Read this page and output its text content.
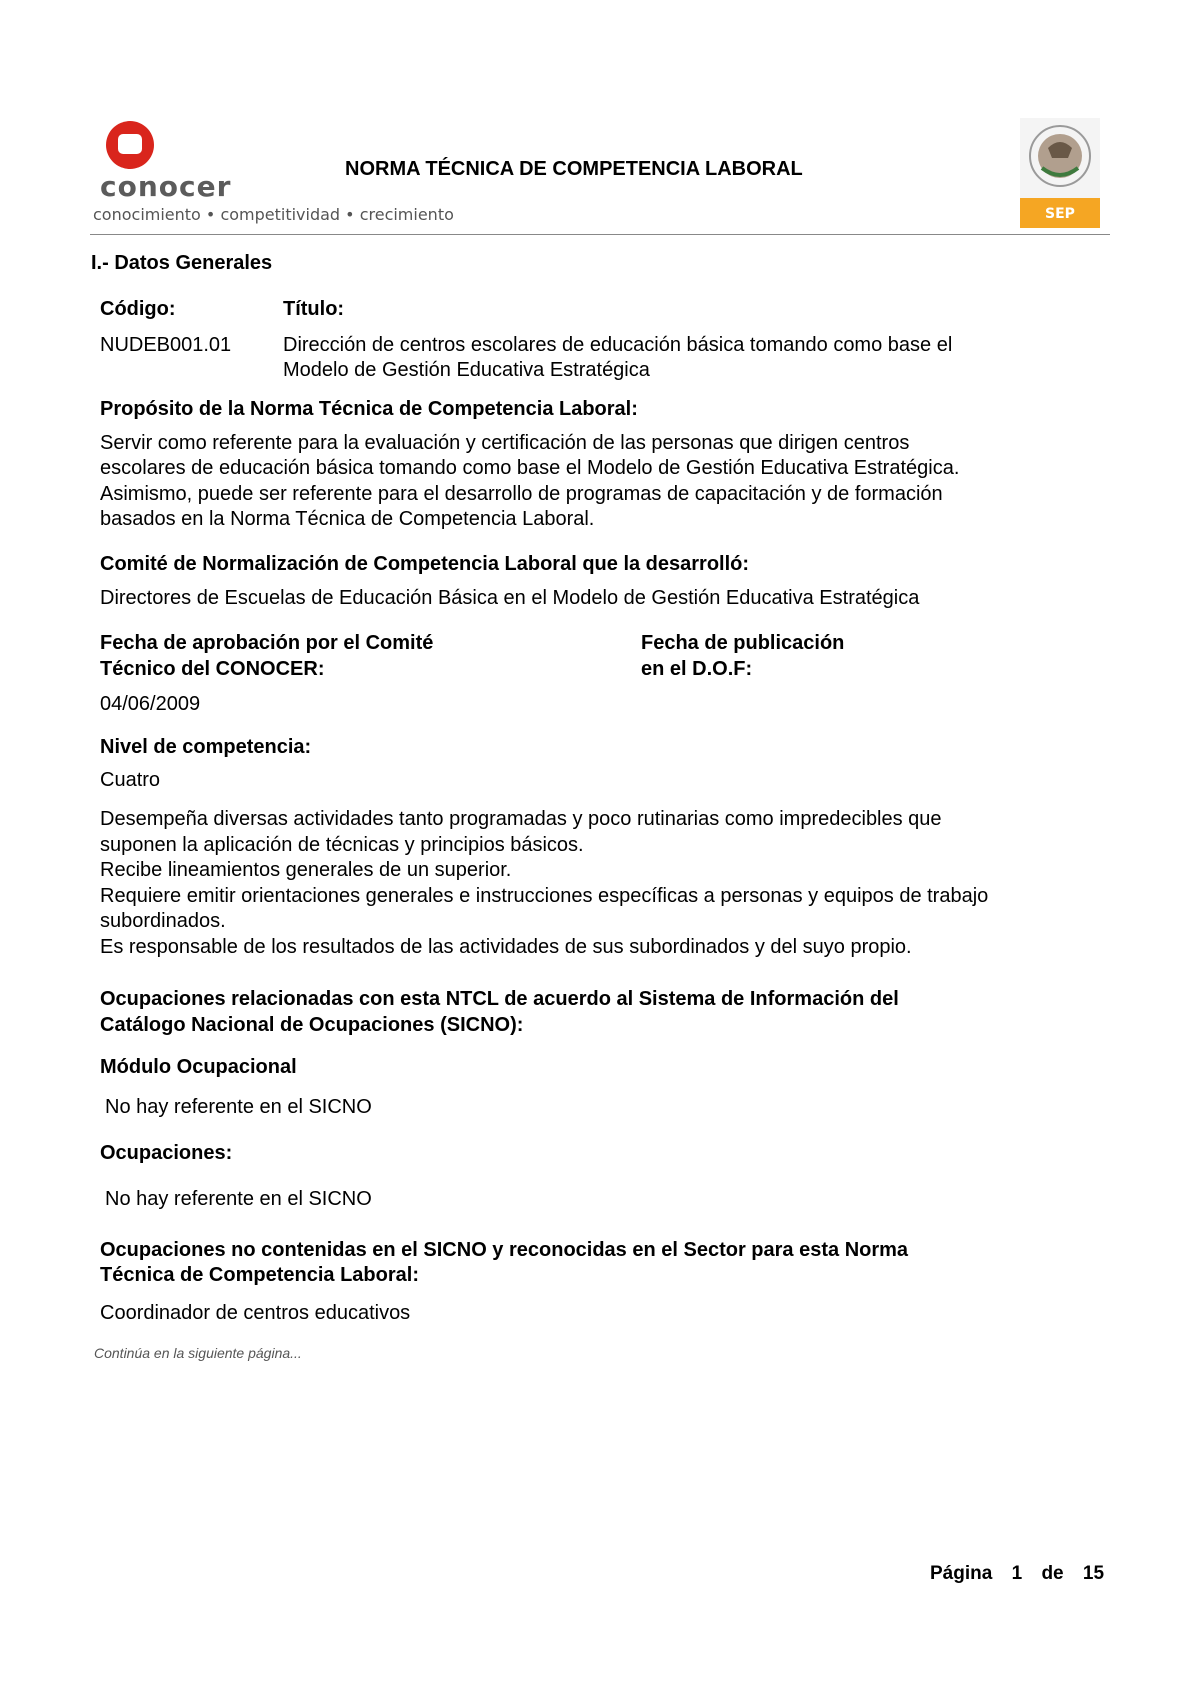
conocer
conocimiento • competitividad • crecimiento
NORMA TÉCNICA DE COMPETENCIA LABORAL
SEP
I.- Datos Generales
Código:	Título:
NUDEB001.01	Dirección de centros escolares de educación básica tomando como base el
Modelo de Gestión Educativa Estratégica
Propósito de la Norma Técnica de Competencia Laboral:
Servir como referente para la evaluación y certificación de las personas que dirigen centros
escolares de educación básica tomando como base el Modelo de Gestión Educativa Estratégica.
Asimismo, puede ser referente para el desarrollo de programas de capacitación y de formación
basados en la Norma Técnica de Competencia Laboral.
Comité de Normalización de Competencia Laboral que la desarrolló:
Directores de Escuelas de Educación Básica en el Modelo de Gestión Educativa Estratégica
Fecha de aprobación por el Comité
Técnico del CONOCER:
Fecha de publicación
en el D.O.F:
04/06/2009
Nivel de competencia:
Cuatro
Desempeña diversas actividades tanto programadas y poco rutinarias como impredecibles que
suponen la aplicación de técnicas y principios básicos.
Recibe lineamientos generales de un superior.
Requiere emitir orientaciones generales e instrucciones específicas a personas y equipos de trabajo
subordinados.
Es responsable de los resultados de las actividades de sus subordinados y del suyo propio.
Ocupaciones relacionadas con esta NTCL de acuerdo al Sistema de Información del
Catálogo Nacional de Ocupaciones (SICNO):
Módulo Ocupacional
No hay referente en el SICNO
Ocupaciones:
No hay referente en el SICNO
Ocupaciones no contenidas en el SICNO y reconocidas en el Sector para esta Norma
Técnica de Competencia Laboral:
Coordinador de centros educativos
Continúa en la siguiente página...
Página 1 de 15
